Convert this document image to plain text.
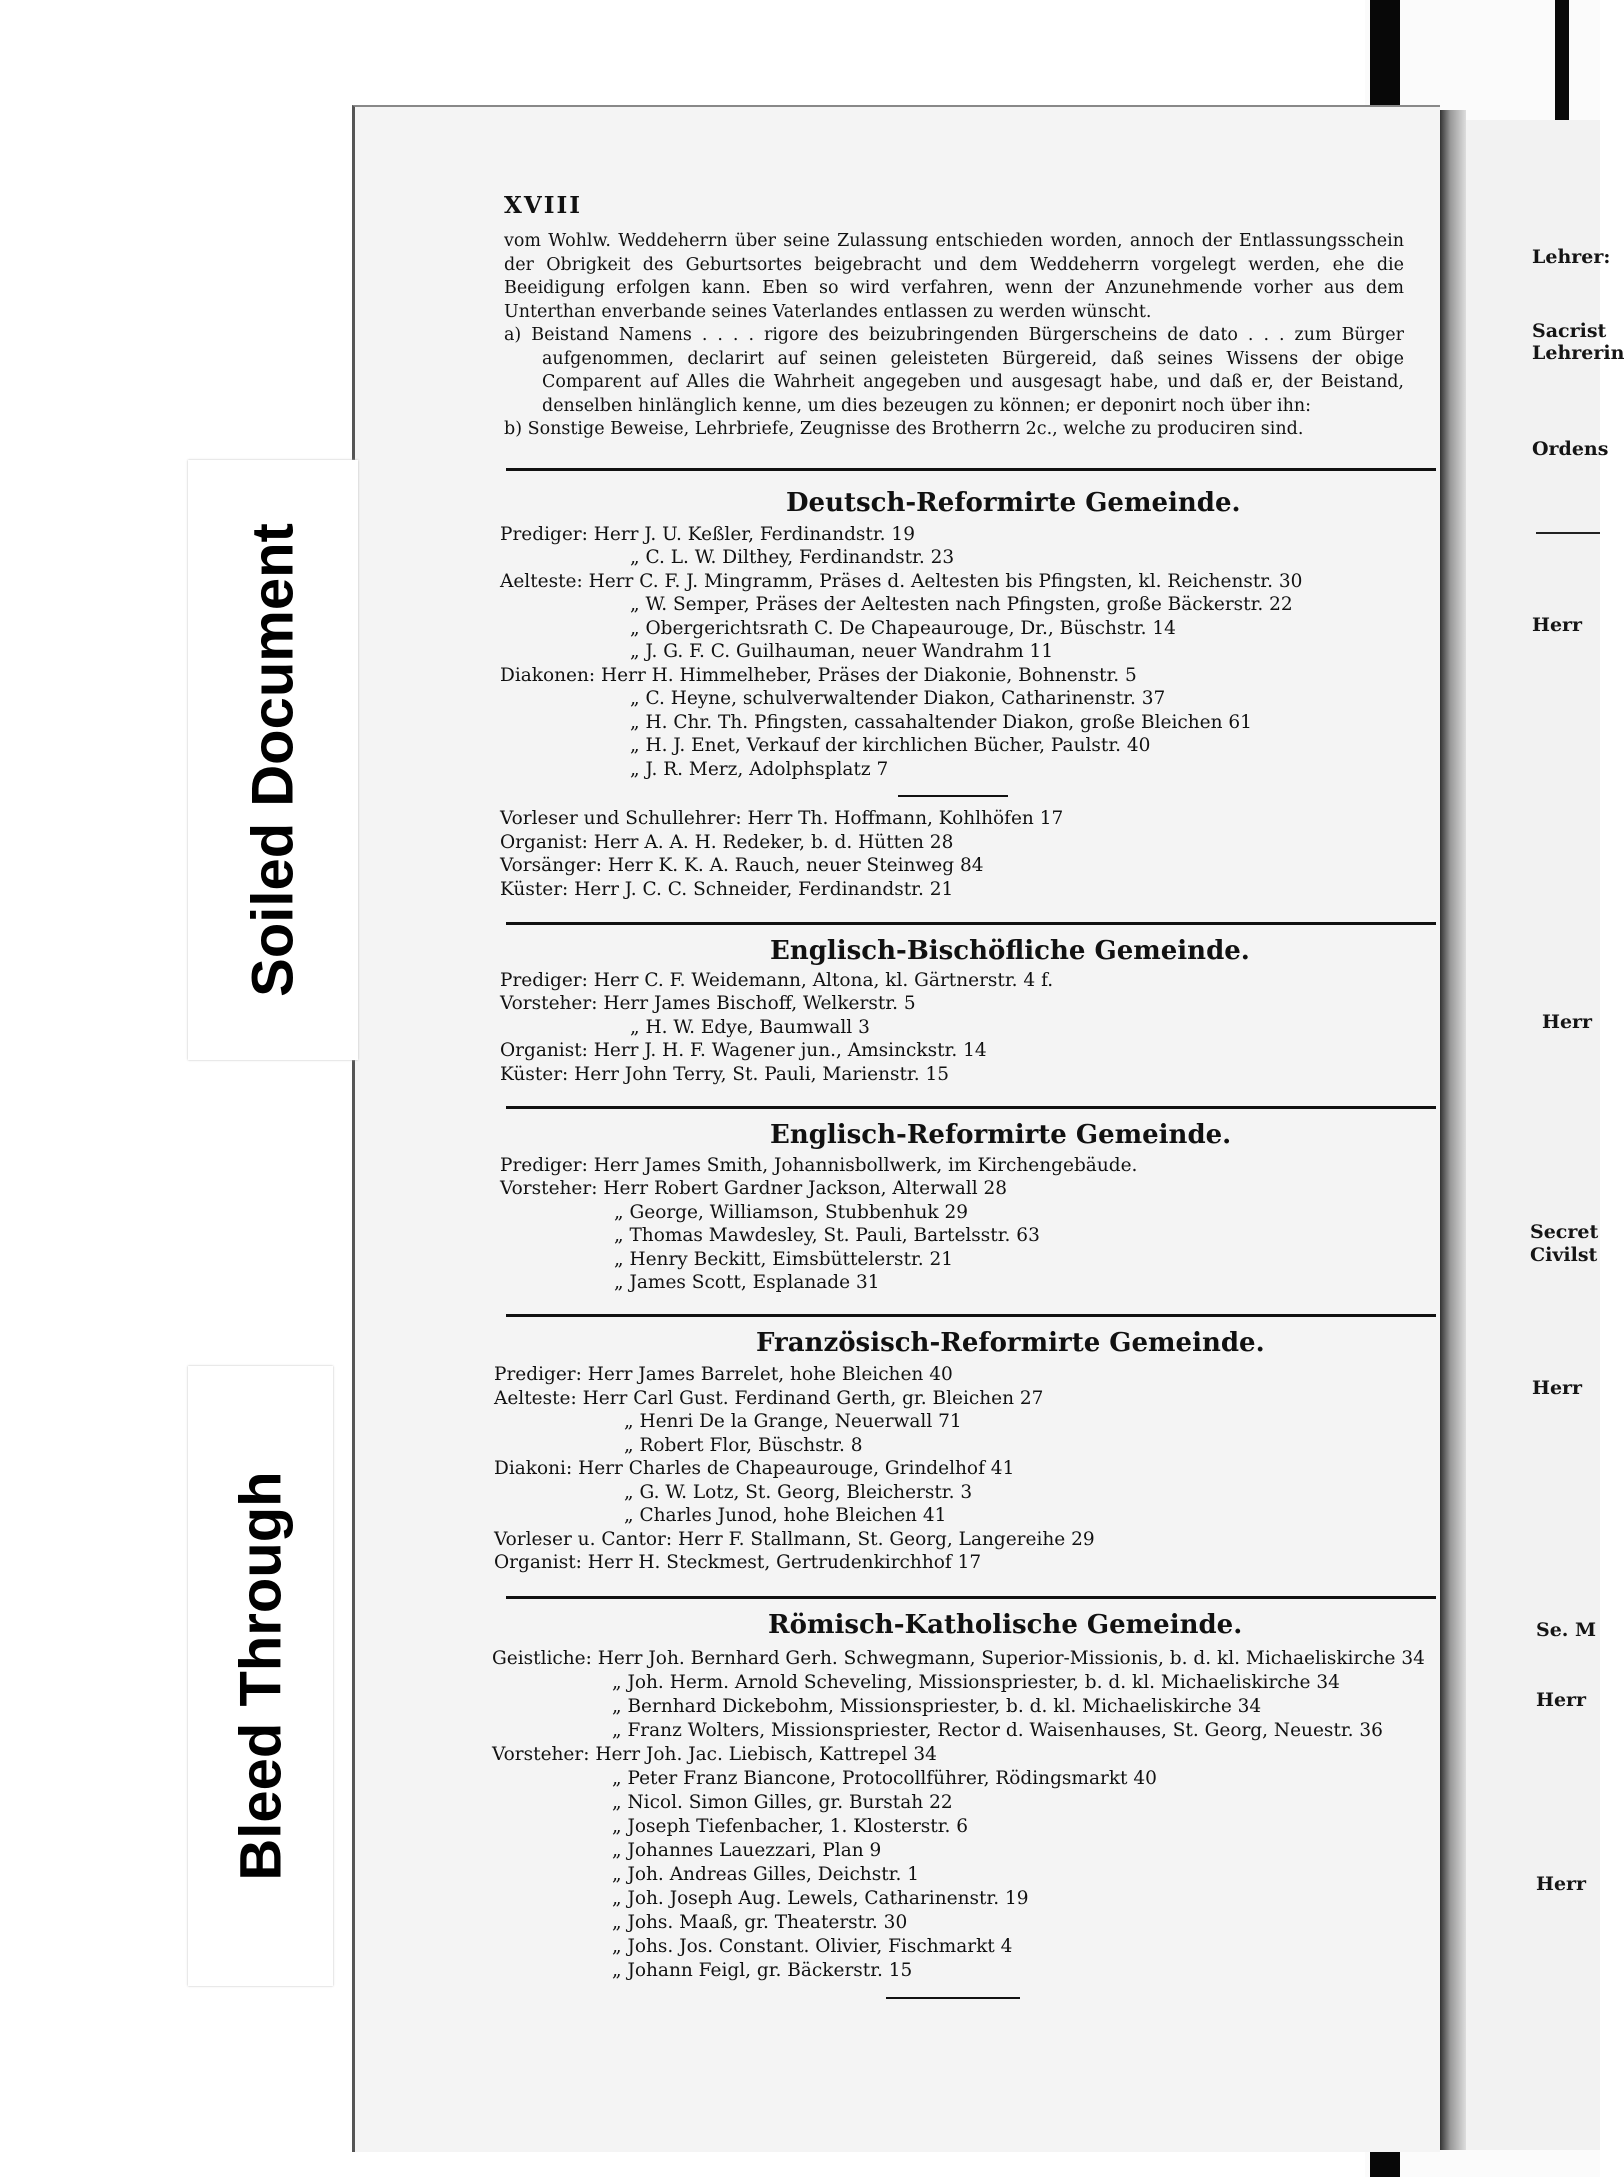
Lehrer:
Sacrist
Lehrerin
Ordens
Herr
Herr
Secret
Civilst
Herr
Se. M
Herr
Herr
Soiled Document
Bleed Through
XVIII

vom Wohlw. Weddeherrn über seine Zulassung entschieden worden, annoch der Entlassungsschein der Obrigkeit des Geburtsortes beigebracht und dem Weddeherrn vorgelegt werden, ehe die Beeidigung erfolgen kann. Eben so wird verfahren, wenn der Anzunehmende vorher aus dem Unterthan enverbande seines Vaterlandes entlassen zu werden wünscht.

a) Beistand Namens . . . . rigore des beizubringenden Bürgerscheins de dato . . . zum Bürger aufgenommen, declarirt auf seinen geleisteten Bürgereid, daß seines Wissens der obige Comparent auf Alles die Wahrheit angegeben und ausgesagt habe, und daß er, der Beistand, denselben hinlänglich kenne, um dies bezeugen zu können; er deponirt noch über ihn:

b) Sonstige Beweise, Lehrbriefe, Zeugnisse des Brotherrn 2c., welche zu produciren sind.

Deutsch-Reformirte Gemeinde.
Prediger: Herr J. U. Keßler, Ferdinandstr. 19
„ C. L. W. Dilthey, Ferdinandstr. 23
Aelteste: Herr C. F. J. Mingramm, Präses d. Aeltesten bis Pfingsten, kl. Reichenstr. 30
„ W. Semper, Präses der Aeltesten nach Pfingsten, große Bäckerstr. 22
„ Obergerichtsrath C. De Chapeaurouge, Dr., Büschstr. 14
„ J. G. F. C. Guilhauman, neuer Wandrahm 11
Diakonen: Herr H. Himmelheber, Präses der Diakonie, Bohnenstr. 5
„ C. Heyne, schulverwaltender Diakon, Catharinenstr. 37
„ H. Chr. Th. Pfingsten, cassahaltender Diakon, große Bleichen 61
„ H. J. Enet, Verkauf der kirchlichen Bücher, Paulstr. 40
„ J. R. Merz, Adolphsplatz 7
Vorleser und Schullehrer: Herr Th. Hoffmann, Kohlhöfen 17
Organist: Herr A. A. H. Redeker, b. d. Hütten 28
Vorsänger: Herr K. K. A. Rauch, neuer Steinweg 84
Küster: Herr J. C. C. Schneider, Ferdinandstr. 21
Englisch-Bischöfliche Gemeinde.
Prediger: Herr C. F. Weidemann, Altona, kl. Gärtnerstr. 4 f.
Vorsteher: Herr James Bischoff, Welkerstr. 5
„ H. W. Edye, Baumwall 3
Organist: Herr J. H. F. Wagener jun., Amsinckstr. 14
Küster: Herr John Terry, St. Pauli, Marienstr. 15
Englisch-Reformirte Gemeinde.
Prediger: Herr James Smith, Johannisbollwerk, im Kirchengebäude.
Vorsteher: Herr Robert Gardner Jackson, Alterwall 28
„ George, Williamson, Stubbenhuk 29
„ Thomas Mawdesley, St. Pauli, Bartelsstr. 63
„ Henry Beckitt, Eimsbüttelerstr. 21
„ James Scott, Esplanade 31
Französisch-Reformirte Gemeinde.
Prediger: Herr James Barrelet, hohe Bleichen 40
Aelteste: Herr Carl Gust. Ferdinand Gerth, gr. Bleichen 27
„ Henri De la Grange, Neuerwall 71
„ Robert Flor, Büschstr. 8
Diakoni: Herr Charles de Chapeaurouge, Grindelhof 41
„ G. W. Lotz, St. Georg, Bleicherstr. 3
„ Charles Junod, hohe Bleichen 41
Vorleser u. Cantor: Herr F. Stallmann, St. Georg, Langereihe 29
Organist: Herr H. Steckmest, Gertrudenkirchhof 17
Römisch-Katholische Gemeinde.
Geistliche: Herr Joh. Bernhard Gerh. Schwegmann, Superior-Missionis, b. d. kl. Michaeliskirche 34
„ Joh. Herm. Arnold Scheveling, Missionspriester, b. d. kl. Michaeliskirche 34
„ Bernhard Dickebohm, Missionspriester, b. d. kl. Michaeliskirche 34
„ Franz Wolters, Missionspriester, Rector d. Waisenhauses, St. Georg, Neuestr. 36
Vorsteher: Herr Joh. Jac. Liebisch, Kattrepel 34
„ Peter Franz Biancone, Protocollführer, Rödingsmarkt 40
„ Nicol. Simon Gilles, gr. Burstah 22
„ Joseph Tiefenbacher, 1. Klosterstr. 6
„ Johannes Lauezzari, Plan 9
„ Joh. Andreas Gilles, Deichstr. 1
„ Joh. Joseph Aug. Lewels, Catharinenstr. 19
„ Johs. Maaß, gr. Theaterstr. 30
„ Johs. Jos. Constant. Olivier, Fischmarkt 4
„ Johann Feigl, gr. Bäckerstr. 15
